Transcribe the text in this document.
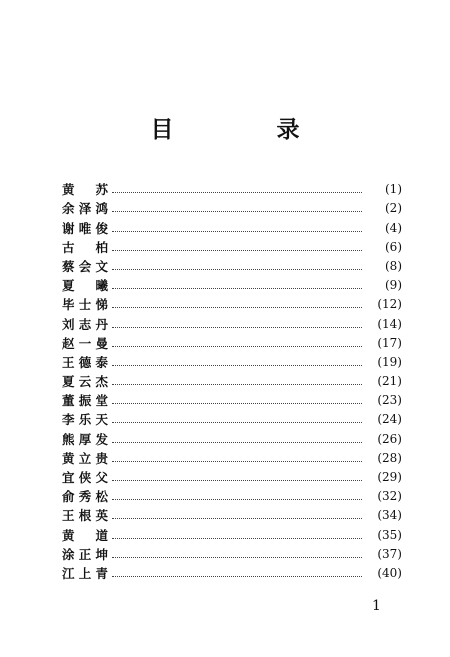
目　录
黄　苏	(1)
余泽鸿	(2)
谢唯俊	(4)
古　柏	(6)
蔡会文	(8)
夏　曦	(9)
毕士悌	(12)
刘志丹	(14)
赵一曼	(17)
王德泰	(19)
夏云杰	(21)
董振堂	(23)
李乐天	(24)
熊厚发	(26)
黄立贵	(28)
宜侠父	(29)
俞秀松	(32)
王根英	(34)
黄　道	(35)
涂正坤	(37)
江上青	(40)
1
